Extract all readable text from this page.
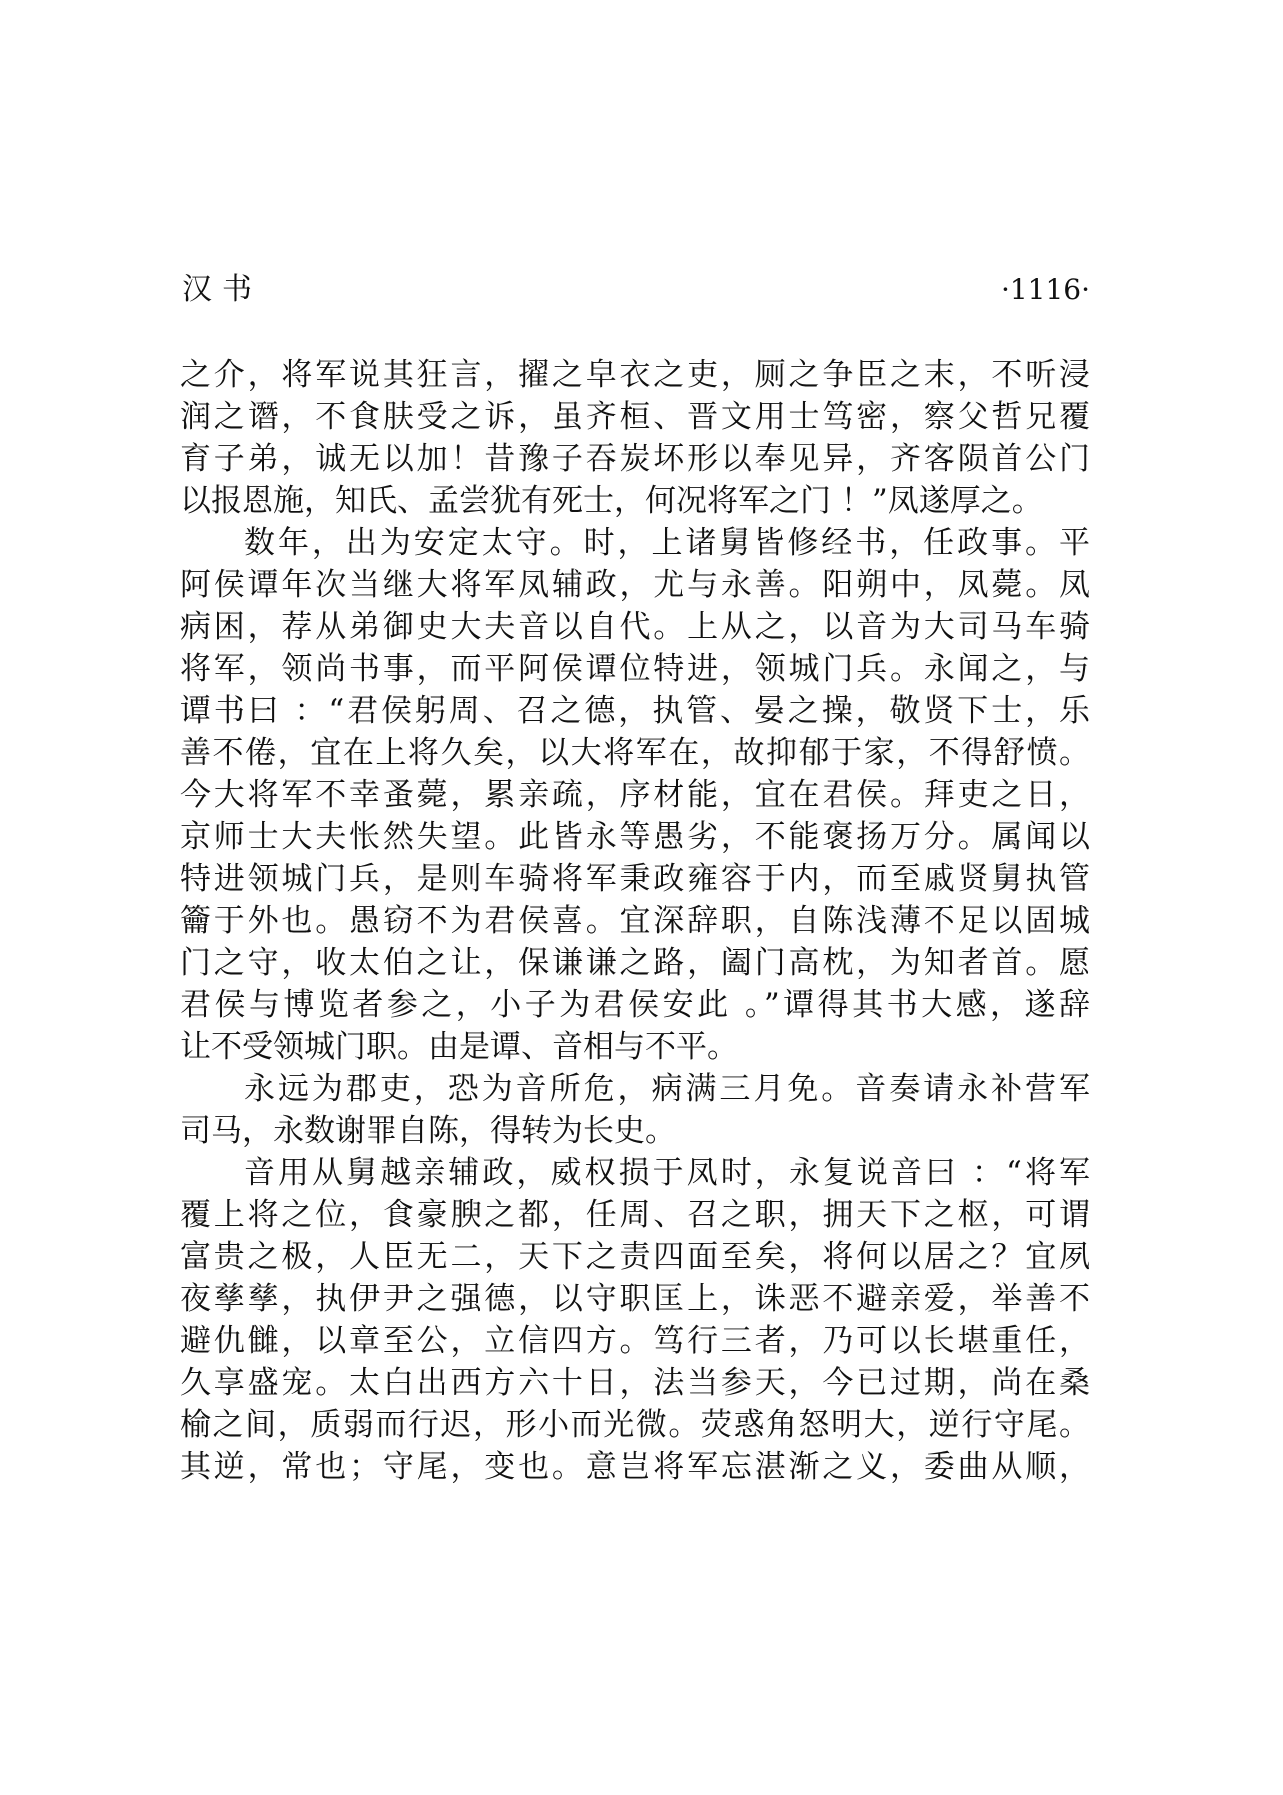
汉书	·1116·
之介，将军说其狂言，擢之皁衣之吏，厕之争臣之末，不听浸
润之谮，不食肤受之诉，虽齐桓、晋文用士笃密，察父哲兄覆
育子弟，诚无以加！昔豫子吞炭坏形以奉见异，齐客陨首公门
以报恩施，知氏、孟尝犹有死士，何况将军之门 ！”凤遂厚之。
数年，出为安定太守。时，上诸舅皆修经书，任政事。平
阿侯谭年次当继大将军凤辅政，尤与永善。阳朔中，凤薨。凤
病困，荐从弟御史大夫音以自代。上从之，以音为大司马车骑
将军，领尚书事，而平阿侯谭位特进，领城门兵。永闻之，与
谭书曰 ：“君侯躬周、召之德，执管、晏之操，敬贤下士，乐
善不倦，宜在上将久矣，以大将军在，故抑郁于家，不得舒愤。
今大将军不幸蚤薨，累亲疏，序材能，宜在君侯。拜吏之日，
京师士大夫怅然失望。此皆永等愚劣，不能褒扬万分。属闻以
特进领城门兵，是则车骑将军秉政雍容于内，而至戚贤舅执管
籥于外也。愚窃不为君侯喜。宜深辞职，自陈浅薄不足以固城
门之守，收太伯之让，保谦谦之路，阖门高枕，为知者首。愿
君侯与博览者参之，小子为君侯安此 。”谭得其书大感，遂辞
让不受领城门职。由是谭、音相与不平。
永远为郡吏，恐为音所危，病满三月免。音奏请永补营军
司马，永数谢罪自陈，得转为长史。
音用从舅越亲辅政，威权损于凤时，永复说音曰 ：“将军
覆上将之位，食豪腴之都，任周、召之职，拥天下之枢，可谓
富贵之极，人臣无二，天下之责四面至矣，将何以居之？宜夙
夜孳孳，执伊尹之强德，以守职匡上，诛恶不避亲爱，举善不
避仇雠，以章至公，立信四方。笃行三者，乃可以长堪重任，
久享盛宠。太白出西方六十日，法当参天，今已过期，尚在桑
榆之间，质弱而行迟，形小而光微。荧惑角怒明大，逆行守尾。
其逆，常也；守尾，变也。意岂将军忘湛渐之义，委曲从顺，
